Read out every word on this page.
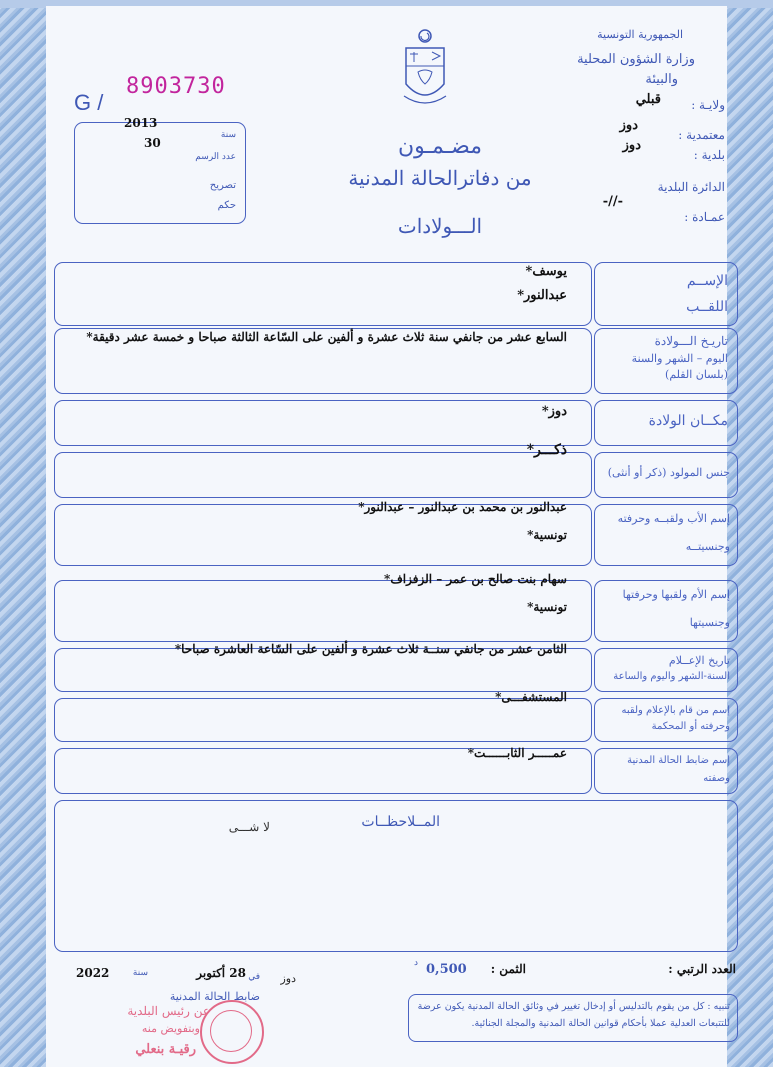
الجمهورية التونسية
وزارة الشؤون المحلية
والبيئة
ولايـة :
قبلي
معتمدية :
دوز
بلدية :
دوز
الدائرة البلدية
-//-
عمـادة :
G /
8903730
2013
سنة
30
عدد الرسم
تصريح
حكم
مضـمـون
من دفاترالحالة المدنية
الـــولادات
الإســم
اللقــب
يوسف*
عبدالنور*
تاريـخ الـــولادة
اليوم – الشهر والسنة
(بلسان القلم)
السابع عشر من جانفي سنة ثلاث عشرة و ألفين على السّاعة الثالثة صباحا و خمسة عشر دقيقة*
مكــان الولادة
دوز*
جنس المولود (ذكر أو أنثى)
ذكـــر*
إسم الأب ولقبــه وحرفته
وجنسيتــه
عبدالنور بن محمد بن عبدالنور – عبدالنور*
تونسية*
إسم الأم ولقبها وحرفتها
وجنسيتها
سهام بنت صالح بن عمر – الزفزاف*
تونسية*
تاريخ الإعــلام
السنة-الشهر واليوم والساعة
الثامن عشر من جانفي سنــة ثلاث عشرة و ألفين على السّاعة العاشرة صباحا*
إسم من قام بالإعلام ولقبه
وحرفته أو المحكمة
المستشفـــى*
إسم ضابط الحالة المدنية
وصفته
عمـــــر الثابــــــت*
المــلاحظــات
لا شـــى
العدد الرتبي :
الثمن :
0,500
د
دوز
في
28 أكتوبر
سنة
2022
ضابط الحالة المدنية
عن رئيس البلدية
وبتفويض منه
رقيـة بنعلي
تنبيه : كل من يقوم بالتدليس أو إدخال تغيير في وثائق الحالة المدنية يكون عرضة للتتبعات العدلية عملا بأحكام قوانين الحالة المدنية والمجلة الجنائية.
